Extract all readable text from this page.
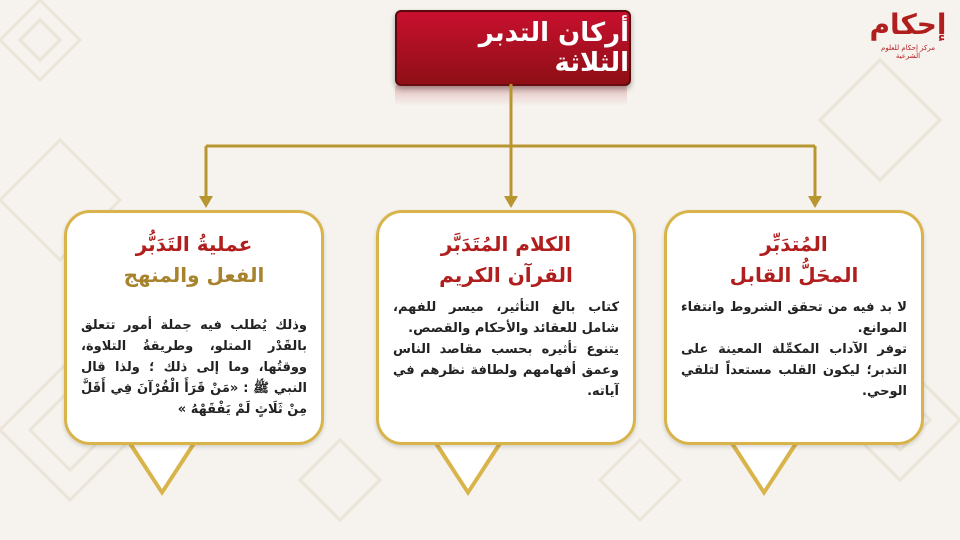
إحكام
مركز إحكام للعلوم الشرعية
أركان التدبر الثلاثة
عمليةُ التَدَبُّر
الفعل والمنهج

وذلك يُطلب فيه جملة أمور تتعلق بالقَدْر المتلو، وطريقةُ التلاوة، ووقتُها، وما إلى ذلك ؛ ولذا قال النبي ﷺ : «مَنْ قَرَأَ الْقُرْآنَ فِي أَقَلَّ مِنْ ثَلَاثٍ لَمْ يَفْقَهْهُ »

الكلام المُتَدَبَّر
القرآن الكريم

كتاب بالغ التأثير، ميسر للفهم، شامل للعقائد والأحكام والقصص.

يتنوع تأثيره بحسب مقاصد الناس وعمق أفهامهم ولطافة نظرهم في آياته.

المُتدَبِّر
المحَلُّ القابل

لا بد فيه من تحقق الشروط وانتفاء الموانع.

توفر الآداب المكمِّلة المعينة على التدبر؛ ليكون القلب مستعداً لتلقي الوحي.
